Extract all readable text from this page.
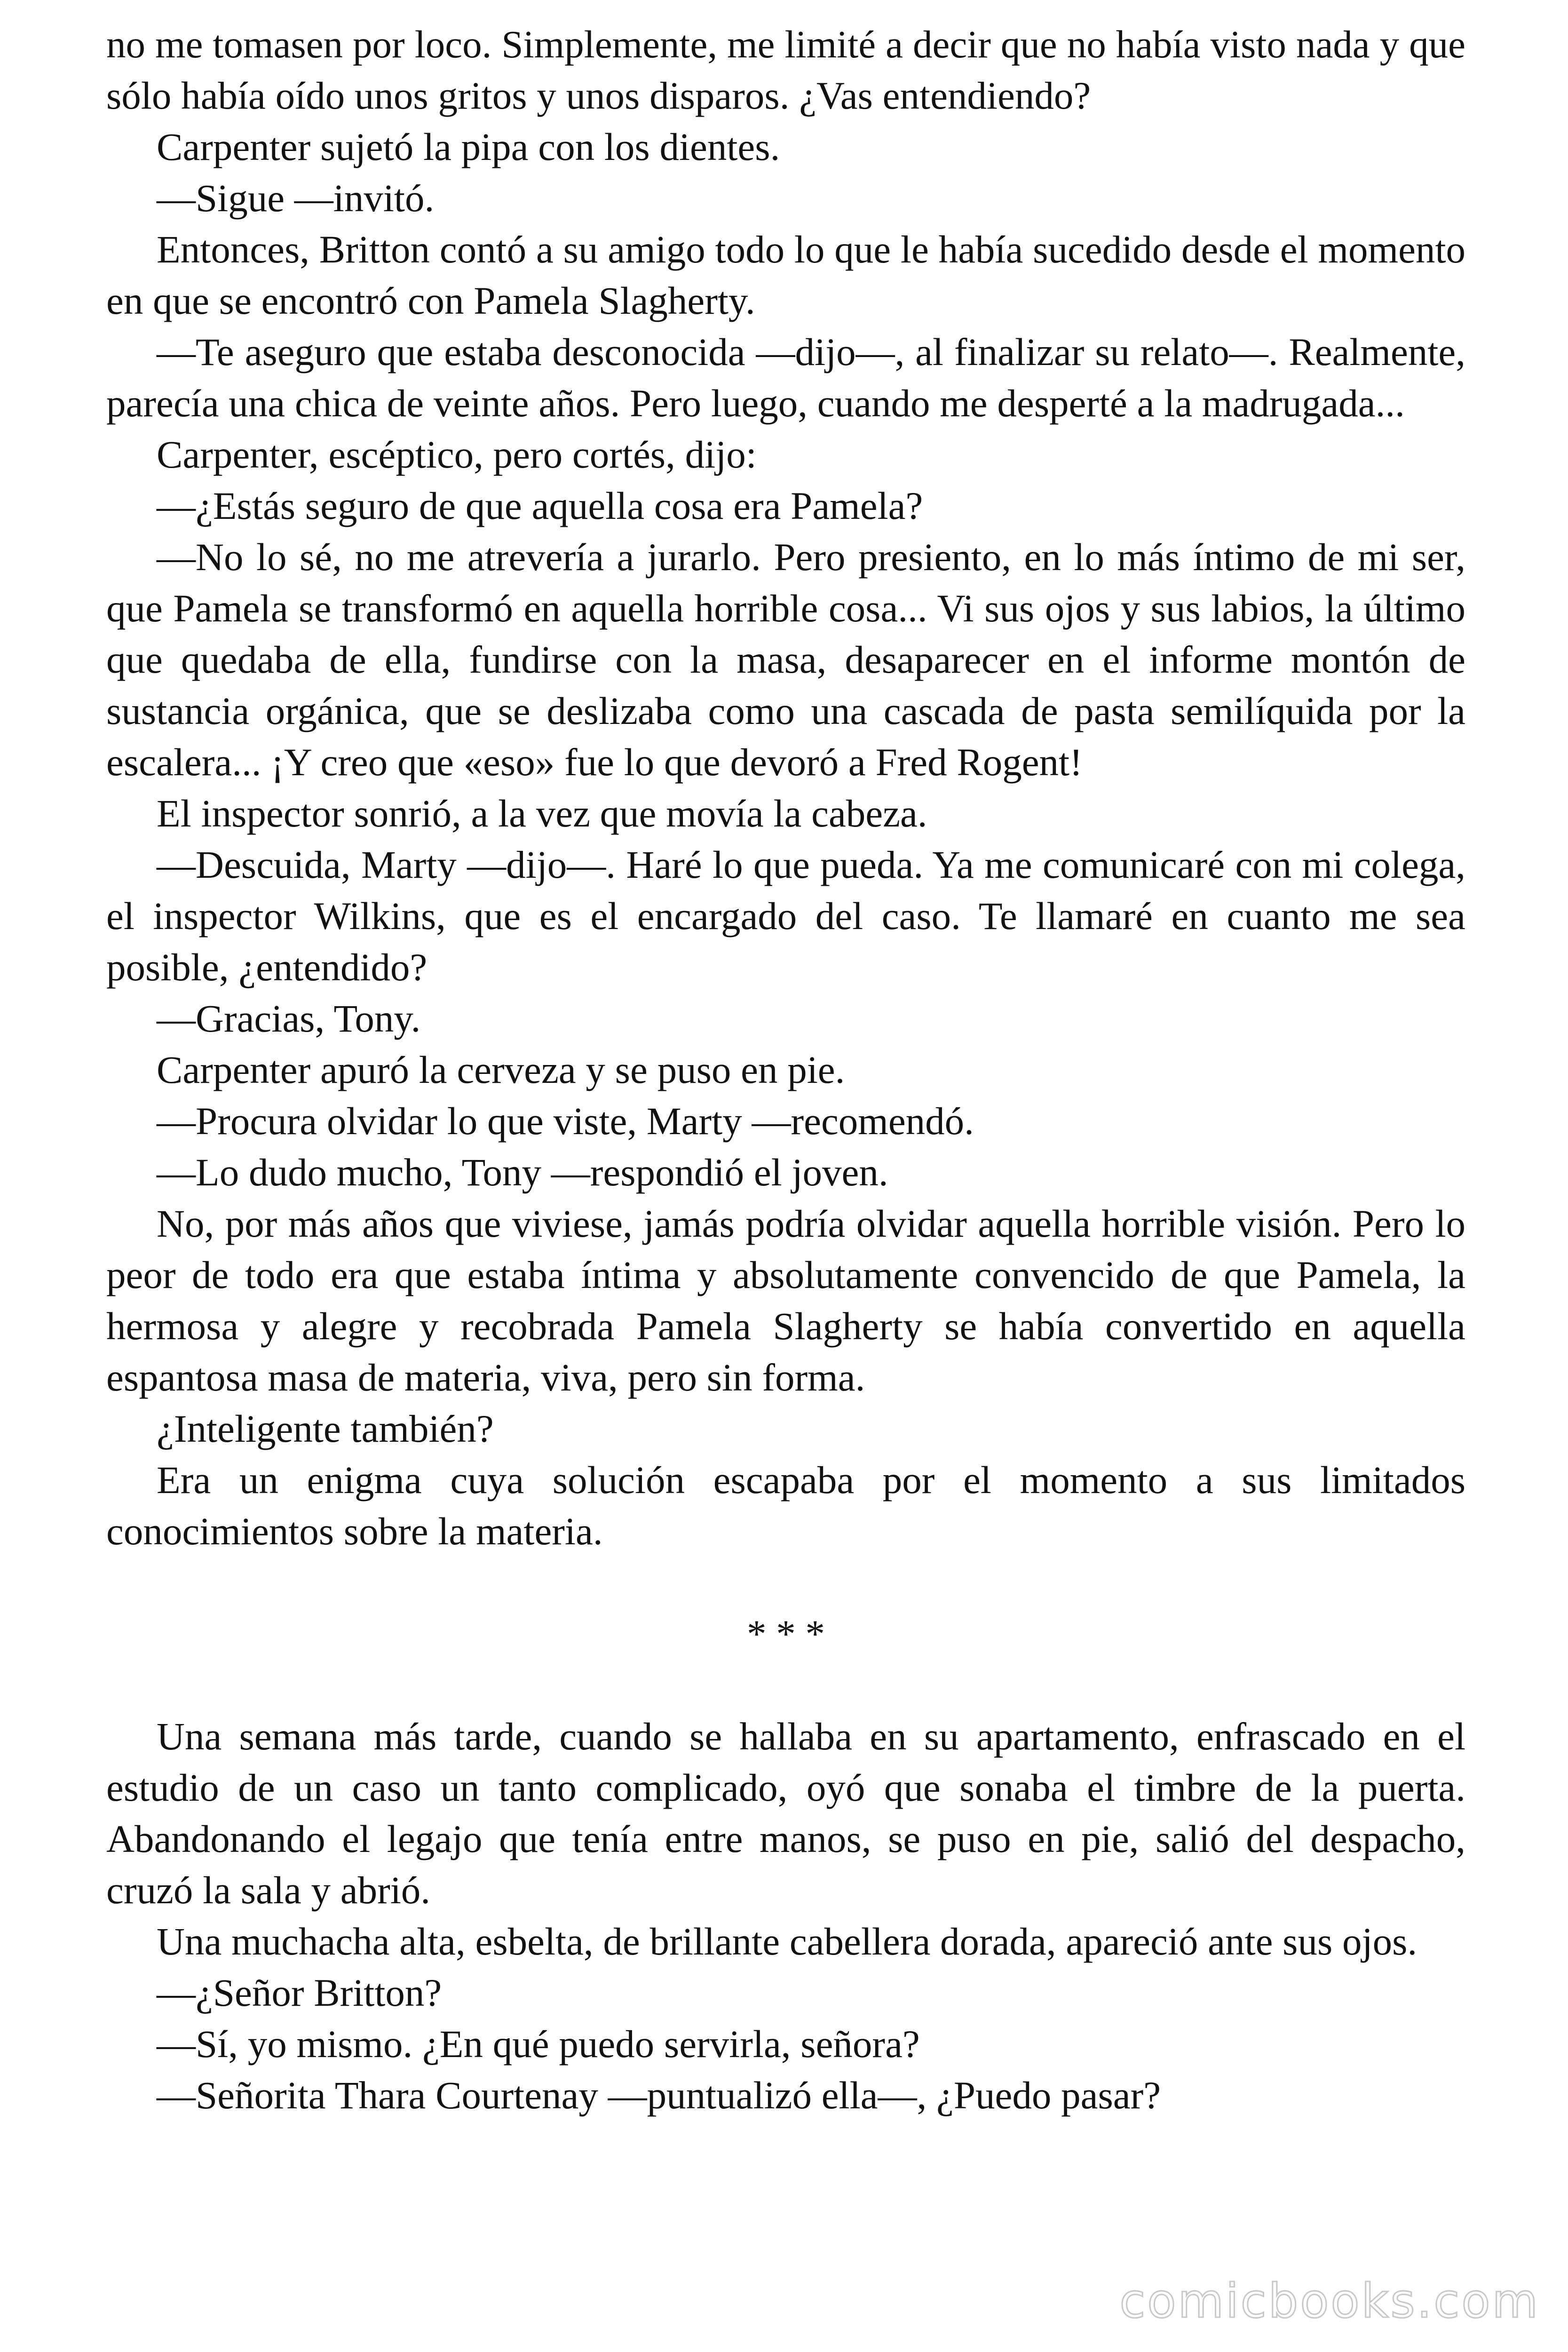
no me tomasen por loco. Simplemente, me limité a decir que no había visto nada y que sólo había oído unos gritos y unos disparos. ¿Vas entendiendo?

Carpenter sujetó la pipa con los dientes.

—Sigue —invitó.

Entonces, Britton contó a su amigo todo lo que le había sucedido desde el momento en que se encontró con Pamela Slagherty.

—Te aseguro que estaba desconocida —dijo—, al finalizar su relato—. Realmente, parecía una chica de veinte años. Pero luego, cuando me desperté a la madrugada...

Carpenter, escéptico, pero cortés, dijo:

—¿Estás seguro de que aquella cosa era Pamela?

—No lo sé, no me atrevería a jurarlo. Pero presiento, en lo más íntimo de mi ser, que Pamela se transformó en aquella horrible cosa... Vi sus ojos y sus labios, la último que quedaba de ella, fundirse con la masa, desaparecer en el informe montón de sustancia orgánica, que se deslizaba como una cascada de pasta semilíquida por la escalera... ¡Y creo que «eso» fue lo que devoró a Fred Rogent!

El inspector sonrió, a la vez que movía la cabeza.

—Descuida, Marty —dijo—. Haré lo que pueda. Ya me comunicaré con mi colega, el inspector Wilkins, que es el encargado del caso. Te llamaré en cuanto me sea posible, ¿entendido?

—Gracias, Tony.

Carpenter apuró la cerveza y se puso en pie.

—Procura olvidar lo que viste, Marty —recomendó.

—Lo dudo mucho, Tony —respondió el joven.

No, por más años que viviese, jamás podría olvidar aquella horrible visión. Pero lo peor de todo era que estaba íntima y absolutamente convencido de que Pamela, la hermosa y alegre y recobrada Pamela Slagherty se había convertido en aquella espantosa masa de materia, viva, pero sin forma.

¿Inteligente también?

Era un enigma cuya solución escapaba por el momento a sus limitados conocimientos sobre la materia.

* * *

Una semana más tarde, cuando se hallaba en su apartamento, enfrascado en el estudio de un caso un tanto complicado, oyó que sonaba el timbre de la puerta. Abandonando el legajo que tenía entre manos, se puso en pie, salió del despacho, cruzó la sala y abrió.

Una muchacha alta, esbelta, de brillante cabellera dorada, apareció ante sus ojos.

—¿Señor Britton?

—Sí, yo mismo. ¿En qué puedo servirla, señora?

—Señorita Thara Courtenay —puntualizó ella—, ¿Puedo pasar?

comicbooks.com
